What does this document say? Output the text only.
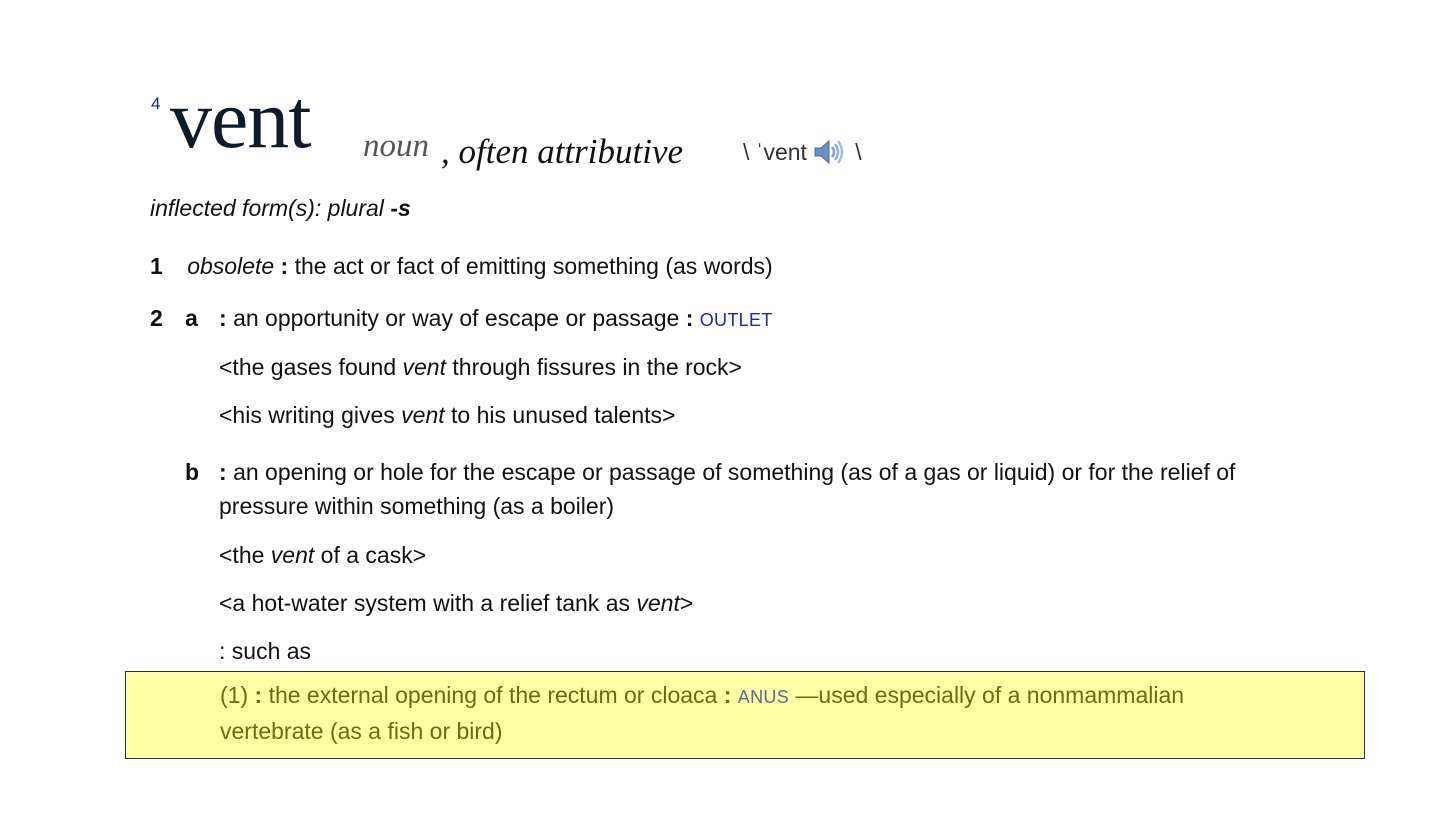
4 vent noun , often attributive	\ ˈvent \
inflected form(s): plural -s
1 obsolete : the act or fact of emitting something (as words)
2 a : an opportunity or way of escape or passage : OUTLET
<the gases found vent through fissures in the rock>
<his writing gives vent to his unused talents>
b : an opening or hole for the escape or passage of something (as of a gas or liquid) or for the relief of
pressure within something (as a boiler)
<the vent of a cask>
<a hot-water system with a relief tank as vent>
: such as
(1) : the external opening of the rectum or cloaca : ANUS —used especially of a nonmammalian
vertebrate (as a fish or bird)
